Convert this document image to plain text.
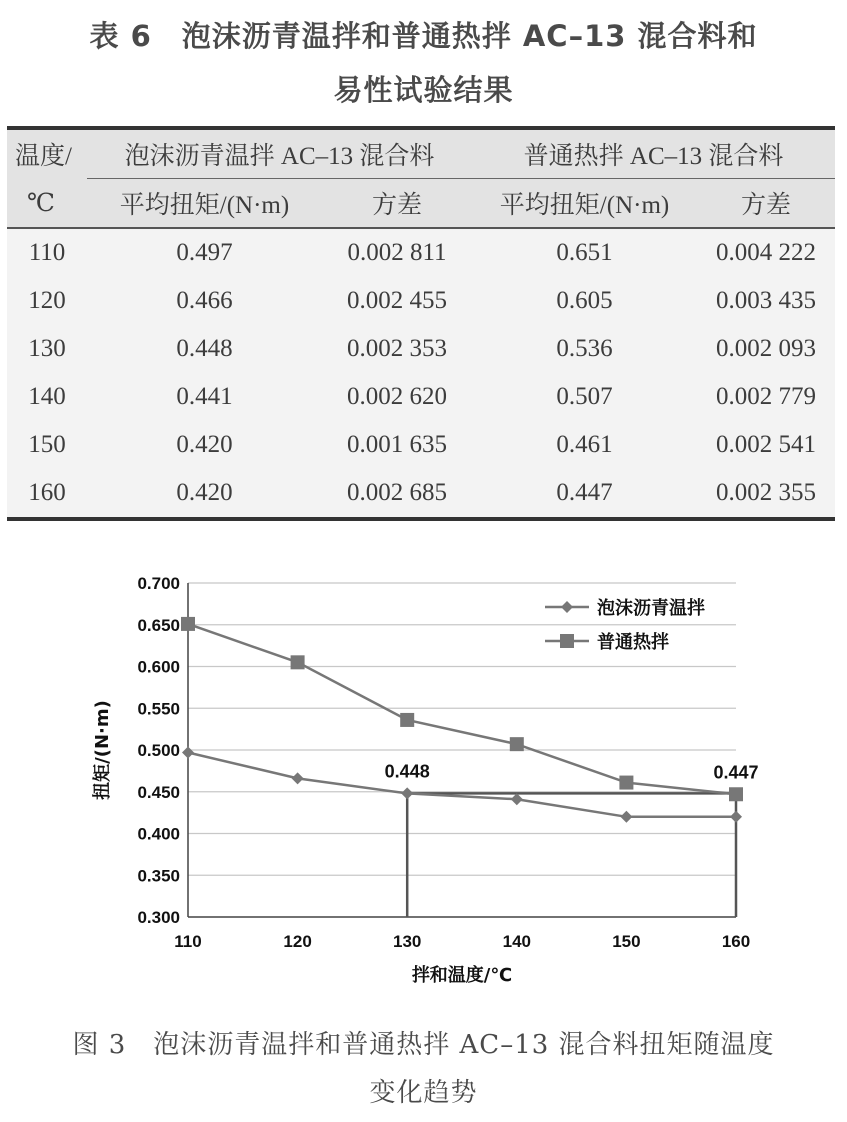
表 6　泡沫沥青温拌和普通热拌 AC–13 混合料和
易性试验结果
温度/	泡沫沥青温拌 AC–13 混合料		普通热拌 AC–13 混合料	
℃	平均扭矩/(N·m)	方差	平均扭矩/(N·m)	方差
110	0.497	0.002 811	0.651	0.004 222
120	0.466	0.002 455	0.605	0.003 435
130	0.448	0.002 353	0.536	0.002 093
140	0.441	0.002 620	0.507	0.002 779
150	0.420	0.001 635	0.461	0.002 541
160	0.420	0.002 685	0.447	0.002 355
0.300
0.350
0.400
0.450
0.500
0.550
0.600
0.650
0.700
110	120	130	140	150	160
拌和温度/℃
扭矩/(N·m)	0.448	0.447
泡沫沥青温拌
普通热拌
图 3　泡沫沥青温拌和普通热拌 AC–13 混合料扭矩随温度
变化趋势
